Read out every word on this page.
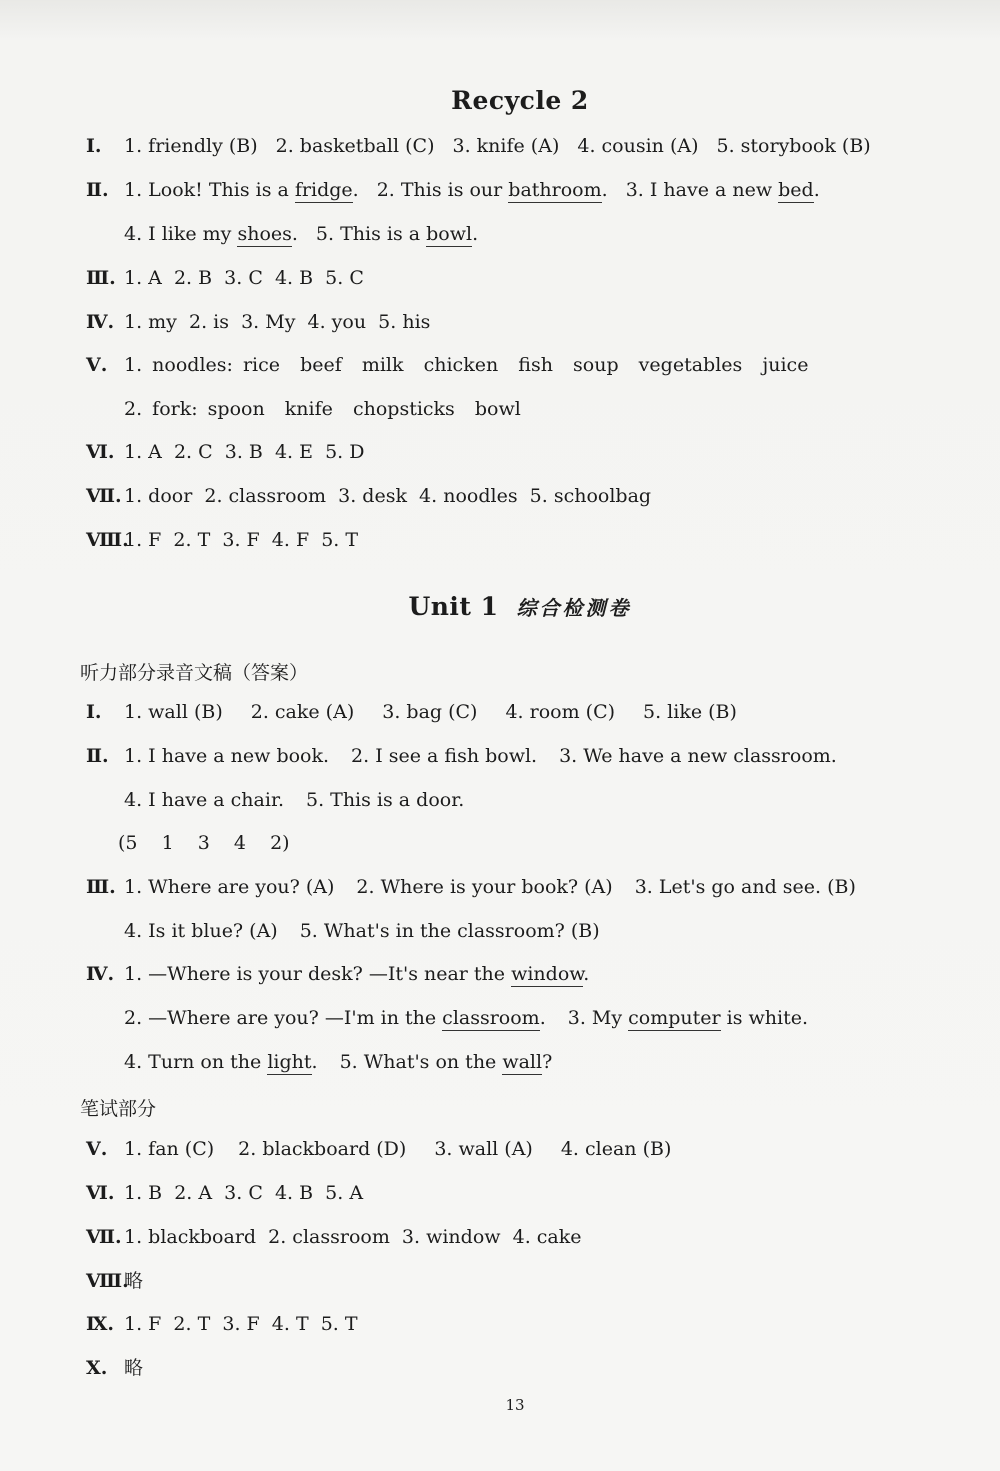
Recycle 2
Ⅰ. 1. friendly (B) 2. basketball (C) 3. knife (A) 4. cousin (A) 5. storybook (B)
Ⅱ. 1. Look! This is a fridge. 2. This is our bathroom. 3. I have a new bed.
4. I like my shoes. 5. This is a bowl.
Ⅲ. 1. A  2. B  3. C  4. B  5. C
Ⅳ. 1. my  2. is  3. My  4. you  5. his
Ⅴ. 1. noodles: rice  beef  milk  chicken  fish  soup  vegetables  juice
2. fork: spoon  knife  chopsticks  bowl
Ⅵ. 1. A  2. C  3. B  4. E  5. D
Ⅶ. 1. door  2. classroom  3. desk  4. noodles  5. schoolbag
Ⅷ.1. F  2. T  3. F  4. F  5. T
Unit 1 综合检测卷
听力部分录音文稿（答案）
Ⅰ. 1. wall (B) 2. cake (A) 3. bag (C) 4. room (C) 5. like (B)
Ⅱ. 1. I have a new book. 2. I see a fish bowl. 3. We have a new classroom.
4. I have a chair. 5. This is a door.
(5  1  3  4  2)
Ⅲ. 1. Where are you? (A) 2. Where is your book? (A) 3. Let's go and see. (B)
4. Is it blue? (A) 5. What's in the classroom? (B)
Ⅳ. 1. —Where is your desk? —It's near the window.
2. —Where are you? —I'm in the classroom. 3. My computer is white.
4. Turn on the light. 5. What's on the wall?
笔试部分
Ⅴ. 1. fan (C) 2. blackboard (D) 3. wall (A) 4. clean (B)
Ⅵ. 1. B  2. A  3. C  4. B  5. A
Ⅶ. 1. blackboard  2. classroom  3. window  4. cake
Ⅷ.略
Ⅸ. 1. F  2. T  3. F  4. T  5. T
Ⅹ. 略
13
